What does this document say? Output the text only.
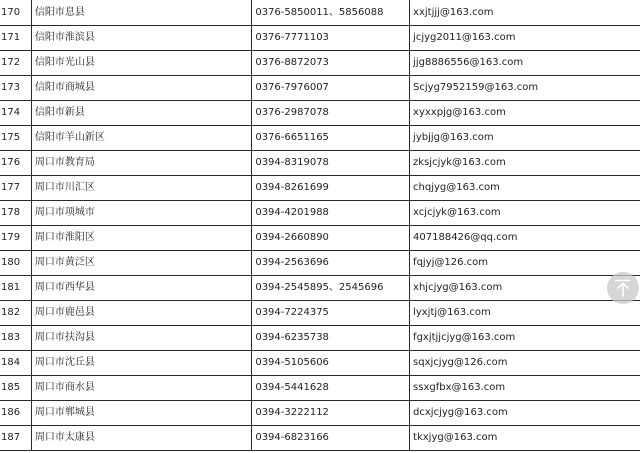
170	信阳市息县	0376-5850011、5856088	xxjtjjj@163.com
171	信阳市淮滨县	0376-7771103	jcjyg2011@163.com
172	信阳市光山县	0376-8872073	jjg8886556@163.com
173	信阳市商城县	0376-7976007	Scjyg7952159@163.com
174	信阳市新县	0376-2987078	xyxxpjg@163.com
175	信阳市羊山新区	0376-6651165	jybjjg@163.com
176	周口市教育局	0394-8319078	zksjcjyk@163.com
177	周口市川汇区	0394-8261699	chqjyg@163.com
178	周口市项城市	0394-4201988	xcjcjyk@163.com
179	周口市淮阳区	0394-2660890	407188426@qq.com
180	周口市黄泛区	0394-2563696	fqjyj@126.com
181	周口市西华县	0394-2545895、2545696	xhjcjyg@163.com
182	周口市鹿邑县	0394-7224375	lyxjtj@163.com
183	周口市扶沟县	0394-6235738	fgxjtjjcjyg@163.com
184	周口市沈丘县	0394-5105606	sqxjcjyg@126.com
185	周口市商水县	0394-5441628	ssxgfbx@163.com
186	周口市郸城县	0394-3222112	dcxjcjyg@163.com
187	周口市太康县	0394-6823166	tkxjyg@163.com
